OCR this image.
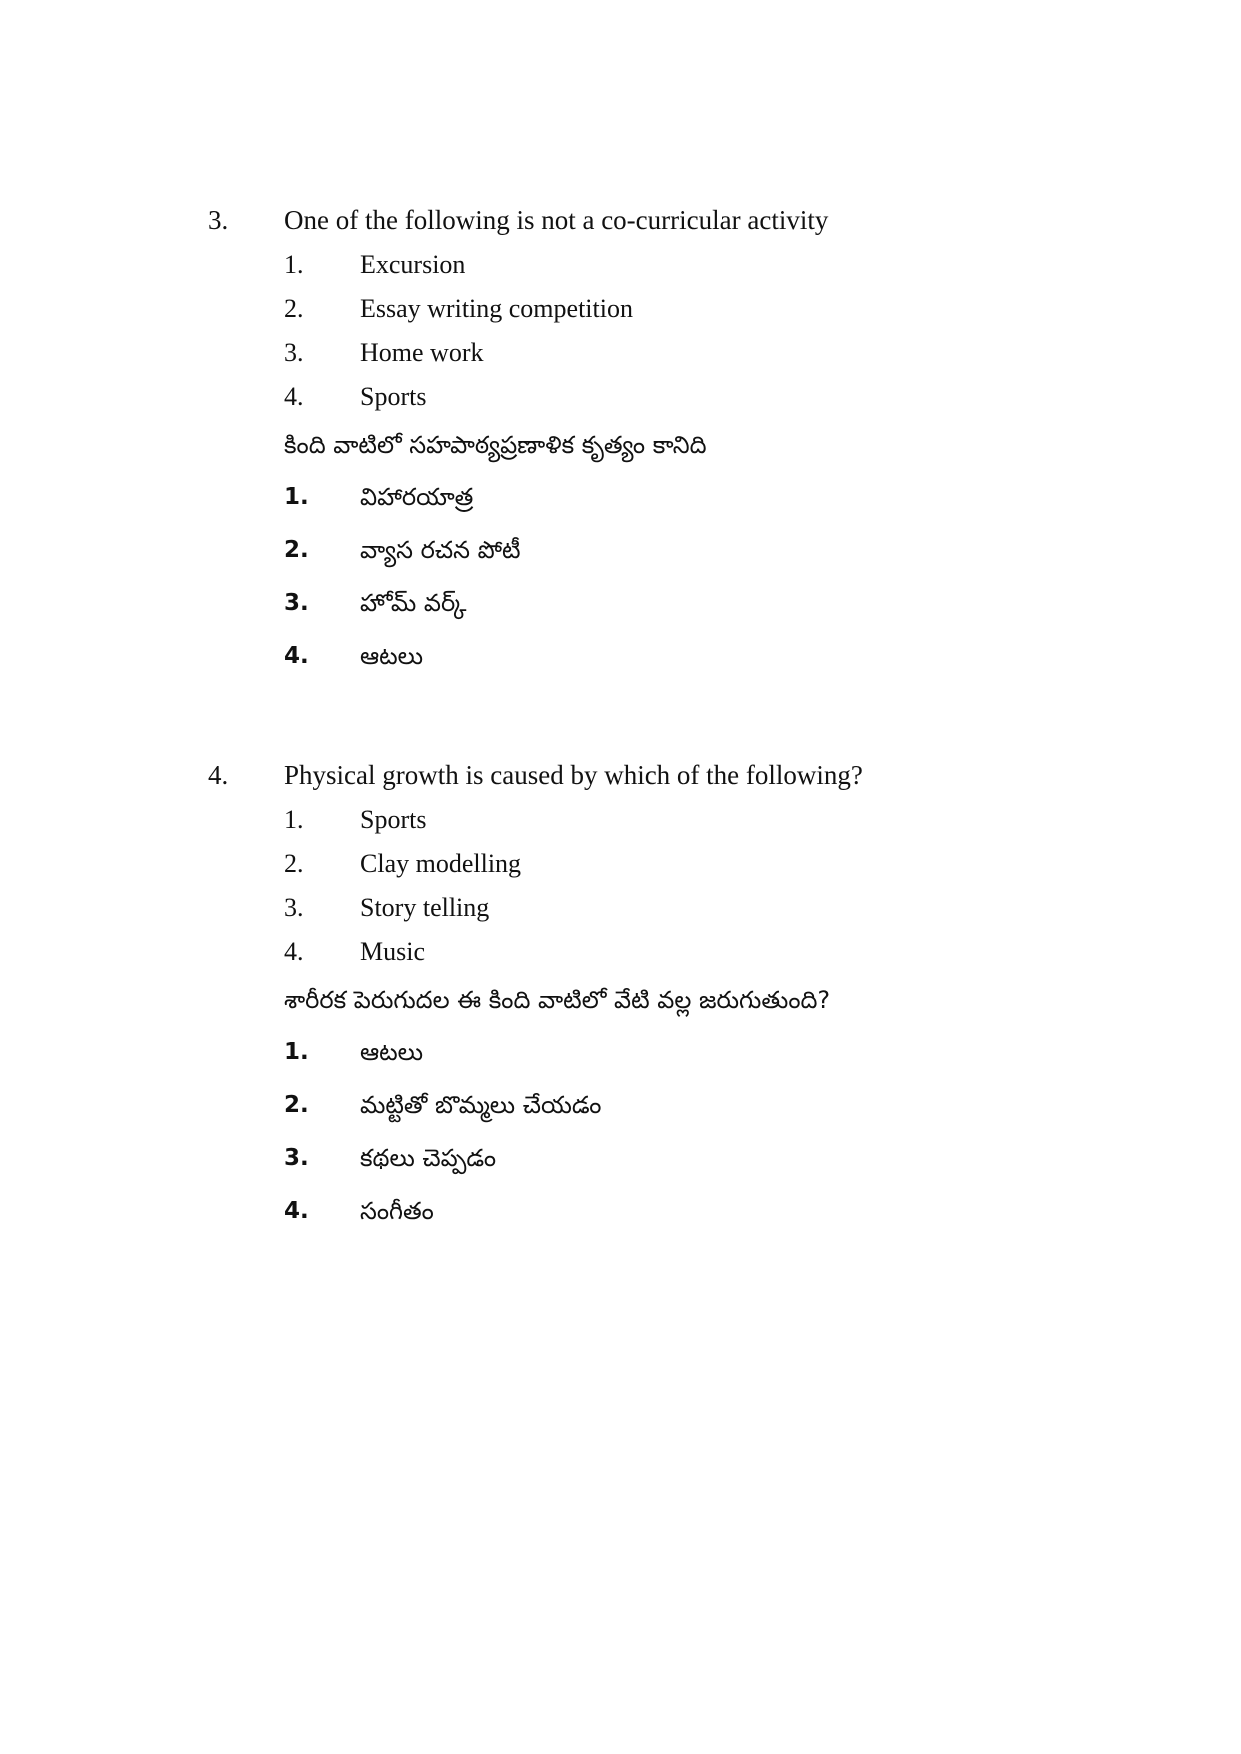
3. One of the following is not a co-curricular activity
1. Excursion
2. Essay writing competition
3. Home work
4. Sports
కింది వాటిలో సహపాఠ్యప్రణాళిక కృత్యం కానిది
1. విహారయాత్ర
2. వ్యాస రచన పోటీ
3. హోమ్ వర్క్
4. ఆటలు
4. Physical growth is caused by which of the following?
1. Sports
2. Clay modelling
3. Story telling
4. Music
శారీరక పెరుగుదల ఈ కింది వాటిలో వేటి వల్ల జరుగుతుంది?
1. ఆటలు
2. మట్టితో బొమ్మలు చేయడం
3. కథలు చెప్పడం
4. సంగీతం
